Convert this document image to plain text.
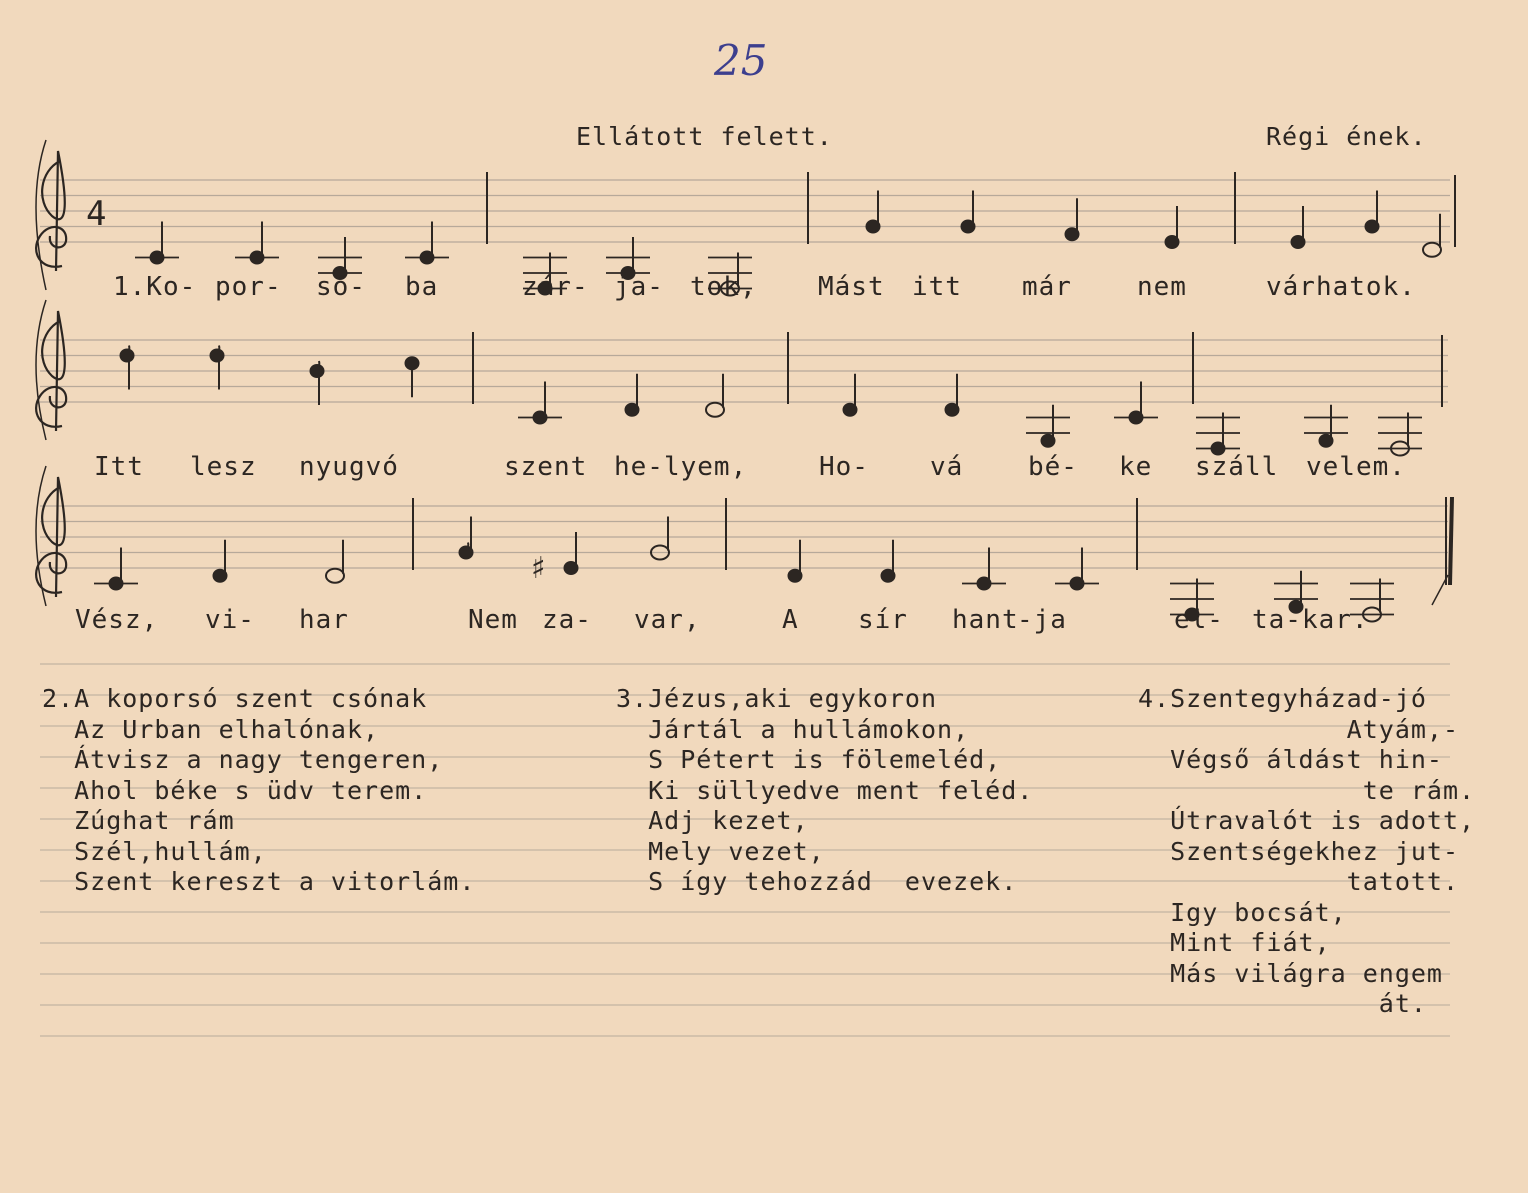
25
Ellátott felett.	Régi ének.
4
♯
1.Ko- por- só- ba	zár- ja- tok, Mást itt már	nem	várhatok.
Itt lesz nyugvó	szent he-lyem,	Ho- vá bé- ke száll velem.
Vész, vi- har	Nem za- var,	A sír hant
-ja	el- ta-kar.
2.A koporsó szent csónak
Az Urban elhalónak,
Átvisz a nagy tengeren,
Ahol béke s üdv terem.
Zúghat rám
Szél,hullám,
Szent kereszt a vitorlám.
3.Jézus,aki egykoron
Jártál a hullámokon,
S Pétert is fölemeléd,
Ki süllyedve ment feléd.
Adj kezet,
Mely vezet,
S így tehozzád  evezek.
4.Szentegyházad-jó
Atyám,-
Végső áldást hin-
te rám.
Útravalót is adott,
Szentségekhez jut-
tatott.
Igy bocsát,
Mint fiát,
Más világra engem
át.
